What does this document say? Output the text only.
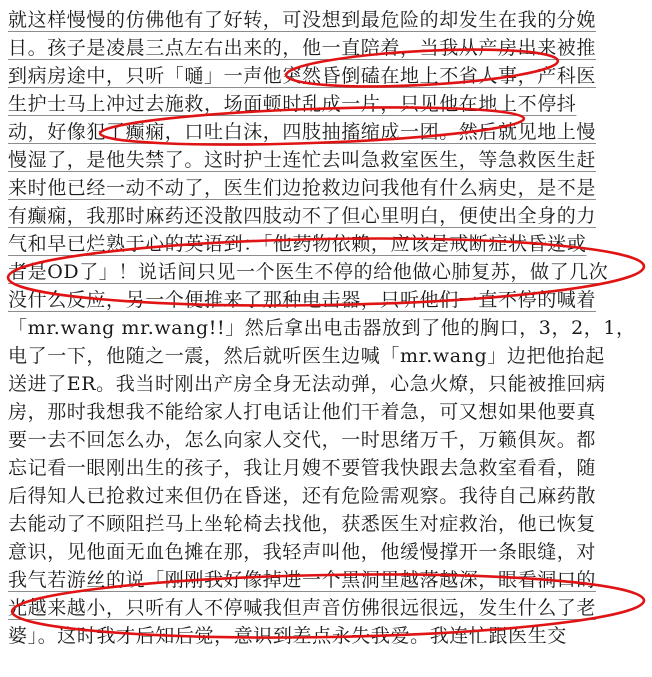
就这样慢慢的仿佛他有了好转，可没想到最危险的却发生在我的分娩
日。孩子是凌晨三点左右出来的，他一直陪着，当我从产房出来被推
到病房途中，只听「嗵」一声他突然昏倒磕在地上不省人事，产科医
生护士马上冲过去施救，场面顿时乱成一片，只见他在地上不停抖
动，好像犯了癫痫，口吐白沫，四肢抽搐缩成一团。然后就见地上慢
慢湿了，是他失禁了。这时护士连忙去叫急救室医生，等急救医生赶
来时他已经一动不动了，医生们边抢救边问我他有什么病史，是不是
有癫痫，我那时麻药还没散四肢动不了但心里明白，便使出全身的力
气和早已烂熟于心的英语到：「他药物依赖，应该是戒断症状昏迷或
者是OD了」！说话间只见一个医生不停的给他做心肺复苏，做了几次
没什么反应，另一个便推来了那种电击器，只听他们一直不停的喊着
「mr.wang mr.wang!!」然后拿出电击器放到了他的胸口，3，2，1，
电了一下，他随之一震，然后就听医生边喊「mr.wang」边把他抬起
送进了ER。我当时刚出产房全身无法动弹，心急火燎，只能被推回病
房，那时我想我不能给家人打电话让他们干着急，可又想如果他要真
要一去不回怎么办，怎么向家人交代，一时思绪万千，万籁俱灰。都
忘记看一眼刚出生的孩子，我让月嫂不要管我快跟去急救室看看，随
后得知人已抢救过来但仍在昏迷，还有危险需观察。我待自己麻药散
去能动了不顾阻拦马上坐轮椅去找他，获悉医生对症救治，他已恢复
意识，见他面无血色摊在那，我轻声叫他，他缓慢撑开一条眼缝，对
我气若游丝的说「刚刚我好像掉进一个黑洞里越落越深，眼看洞口的
光越来越小，只听有人不停喊我但声音仿佛很远很远，发生什么了老
婆」。这时我才后知后觉，意识到差点永失我爱。我连忙跟医生交
